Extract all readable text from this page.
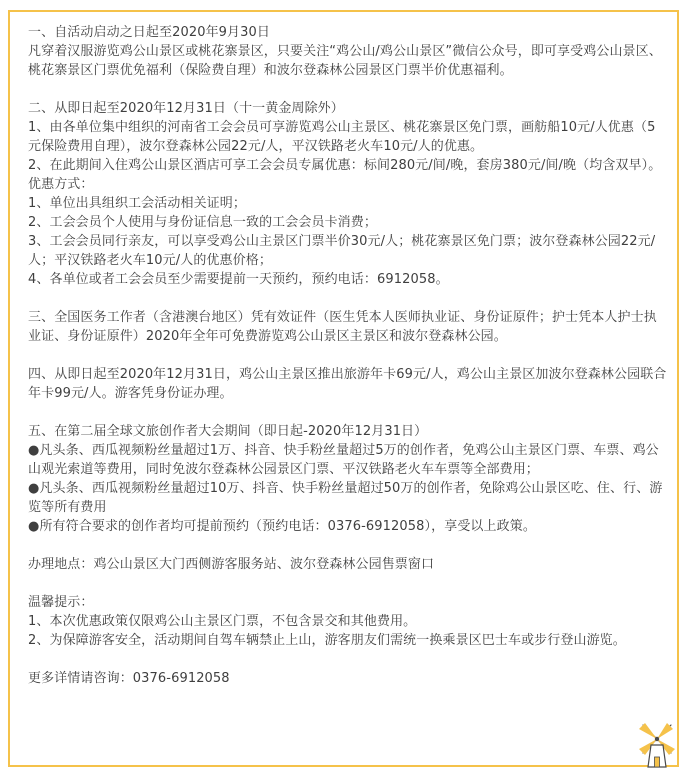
一、自活动启动之日起至2020年9月30日

凡穿着汉服游览鸡公山景区或桃花寨景区，只要关注“鸡公山/鸡公山景区”微信公众号，即可享受鸡公山景区、桃花寨景区门票优免福利（保险费自理）和波尔登森林公园景区门票半价优惠福利。

二、从即日起至2020年12月31日（十一黄金周除外）

1、由各单位集中组织的河南省工会会员可享游览鸡公山主景区、桃花寨景区免门票，画舫船10元/人优惠（5元保险费用自理），波尔登森林公园22元/人，平汉铁路老火车10元/人的优惠。

2、在此期间入住鸡公山景区酒店可享工会会员专属优惠：标间280元/间/晚，套房380元/间/晚（均含双早）。

优惠方式：

1、单位出具组织工会活动相关证明；

2、工会会员个人使用与身份证信息一致的工会会员卡消费；

3、工会会员同行亲友，可以享受鸡公山主景区门票半价30元/人；桃花寨景区免门票；波尔登森林公园22元/人；平汉铁路老火车10元/人的优惠价格；

4、各单位或者工会会员至少需要提前一天预约，预约电话：6912058。

三、全国医务工作者（含港澳台地区）凭有效证件（医生凭本人医师执业证、身份证原件；护士凭本人护士执业证、身份证原件）2020年全年可免费游览鸡公山景区主景区和波尔登森林公园。

四、从即日起至2020年12月31日，鸡公山主景区推出旅游年卡69元/人，鸡公山主景区加波尔登森林公园联合年卡99元/人。游客凭身份证办理。

五、在第二届全球文旅创作者大会期间（即日起-2020年12月31日）

●凡头条、西瓜视频粉丝量超过1万、抖音、快手粉丝量超过5万的创作者，免鸡公山主景区门票、车票、鸡公山观光索道等费用，同时免波尔登森林公园景区门票、平汉铁路老火车车票等全部费用；

●凡头条、西瓜视频粉丝量超过10万、抖音、快手粉丝量超过50万的创作者，免除鸡公山景区吃、住、行、游览等所有费用

●所有符合要求的创作者均可提前预约（预约电话：0376-6912058），享受以上政策。

办理地点：鸡公山景区大门西侧游客服务站、波尔登森林公园售票窗口

温馨提示：

1、本次优惠政策仅限鸡公山主景区门票，不包含景交和其他费用。

2、为保障游客安全，活动期间自驾车辆禁止上山，游客朋友们需统一换乘景区巴士车或步行登山游览。

更多详情请咨询：0376-6912058
